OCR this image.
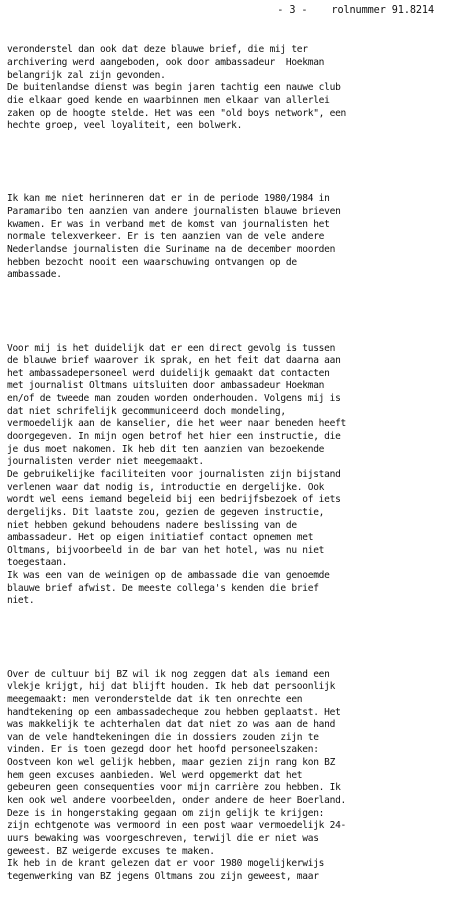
- 3 - rolnummer 91.8214

veronderstel dan ook dat deze blauwe brief, die mij ter
archivering werd aangeboden, ook door ambassadeur  Hoekman
belangrijk zal zijn gevonden.
De buitenlandse dienst was begin jaren tachtig een nauwe club
die elkaar goed kende en waarbinnen men elkaar van allerlei
zaken op de hoogte stelde. Het was een "old boys network", een
hechte groep, veel loyaliteit, een bolwerk.

Ik kan me niet herinneren dat er in de periode 1980/1984 in
Paramaribo ten aanzien van andere journalisten blauwe brieven
kwamen. Er was in verband met de komst van journalisten het
normale telexverkeer. Er is ten aanzien van de vele andere
Nederlandse journalisten die Suriname na de december moorden
hebben bezocht nooit een waarschuwing ontvangen op de
ambassade.

Voor mij is het duidelijk dat er een direct gevolg is tussen
de blauwe brief waarover ik sprak, en het feit dat daarna aan
het ambassadepersoneel werd duidelijk gemaakt dat contacten
met journalist Oltmans uitsluiten door ambassadeur Hoekman
en/of de tweede man zouden worden onderhouden. Volgens mij is
dat niet schrifelijk gecommuniceerd doch mondeling,
vermoedelijk aan de kanselier, die het weer naar beneden heeft
doorgegeven. In mijn ogen betrof het hier een instructie, die
je dus moet nakomen. Ik heb dit ten aanzien van bezoekende
journalisten verder niet meegemaakt.
De gebruikelijke faciliteiten voor journalisten zijn bijstand
verlenen waar dat nodig is, introductie en dergelijke. Ook
wordt wel eens iemand begeleid bij een bedrijfsbezoek of iets
dergelijks. Dit laatste zou, gezien de gegeven instructie,
niet hebben gekund behoudens nadere beslissing van de
ambassadeur. Het op eigen initiatief contact opnemen met
Oltmans, bijvoorbeeld in de bar van het hotel, was nu niet
toegestaan.
Ik was een van de weinigen op de ambassade die van genoemde
blauwe brief afwist. De meeste collega's kenden die brief
niet.

Over de cultuur bij BZ wil ik nog zeggen dat als iemand een
vlekje krijgt, hij dat blijft houden. Ik heb dat persoonlijk
meegemaakt: men veronderstelde dat ik ten onrechte een
handtekening op een ambassadecheque zou hebben geplaatst. Het
was makkelijk te achterhalen dat dat niet zo was aan de hand
van de vele handtekeningen die in dossiers zouden zijn te
vinden. Er is toen gezegd door het hoofd personeelszaken:
Oostveen kon wel gelijk hebben, maar gezien zijn rang kon BZ
hem geen excuses aanbieden. Wel werd opgemerkt dat het
gebeuren geen consequenties voor mijn carrière zou hebben. Ik
ken ook wel andere voorbeelden, onder andere de heer Boerland.
Deze is in hongerstaking gegaan om zijn gelijk te krijgen:
zijn echtgenote was vermoord in een post waar vermoedelijk 24-
uurs bewaking was voorgeschreven, terwijl die er niet was
geweest. BZ weigerde excuses te maken.
Ik heb in de krant gelezen dat er voor 1980 mogelijkerwijs
tegenwerking van BZ jegens Oltmans zou zijn geweest, maar
